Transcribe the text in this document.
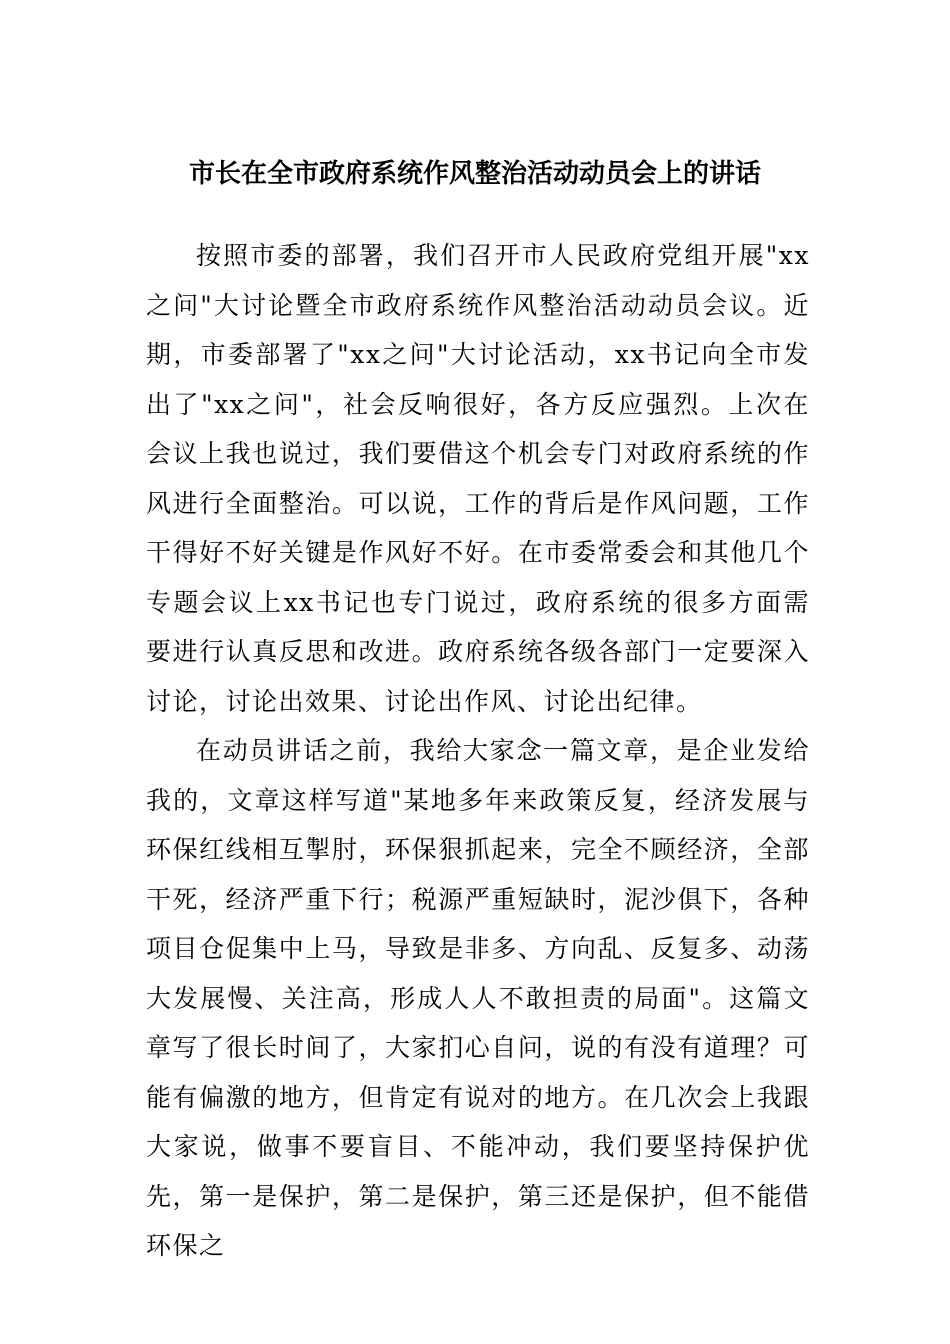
市长在全市政府系统作风整治活动动员会上的讲话

按照市委的部署，我们召开市人民政府党组开展"xx之问"大讨论暨全市政府系统作风整治活动动员会议。近期，市委部署了"xx之问"大讨论活动，xx书记向全市发出了"xx之问"，社会反响很好，各方反应强烈。上次在会议上我也说过，我们要借这个机会专门对政府系统的作风进行全面整治。可以说，工作的背后是作风问题，工作干得好不好关键是作风好不好。在市委常委会和其他几个专题会议上xx书记也专门说过，政府系统的很多方面需要进行认真反思和改进。政府系统各级各部门一定要深入讨论，讨论出效果、讨论出作风、讨论出纪律。

在动员讲话之前，我给大家念一篇文章，是企业发给我的，文章这样写道"某地多年来政策反复，经济发展与环保红线相互掣肘，环保狠抓起来，完全不顾经济，全部干死，经济严重下行；税源严重短缺时，泥沙俱下，各种项目仓促集中上马，导致是非多、方向乱、反复多、动荡大发展慢、关注高，形成人人不敢担责的局面"。这篇文章写了很长时间了，大家扪心自问，说的有没有道理？可能有偏激的地方，但肯定有说对的地方。在几次会上我跟大家说，做事不要盲目、不能冲动，我们要坚持保护优先，第一是保护，第二是保护，第三还是保护，但不能借环保之
